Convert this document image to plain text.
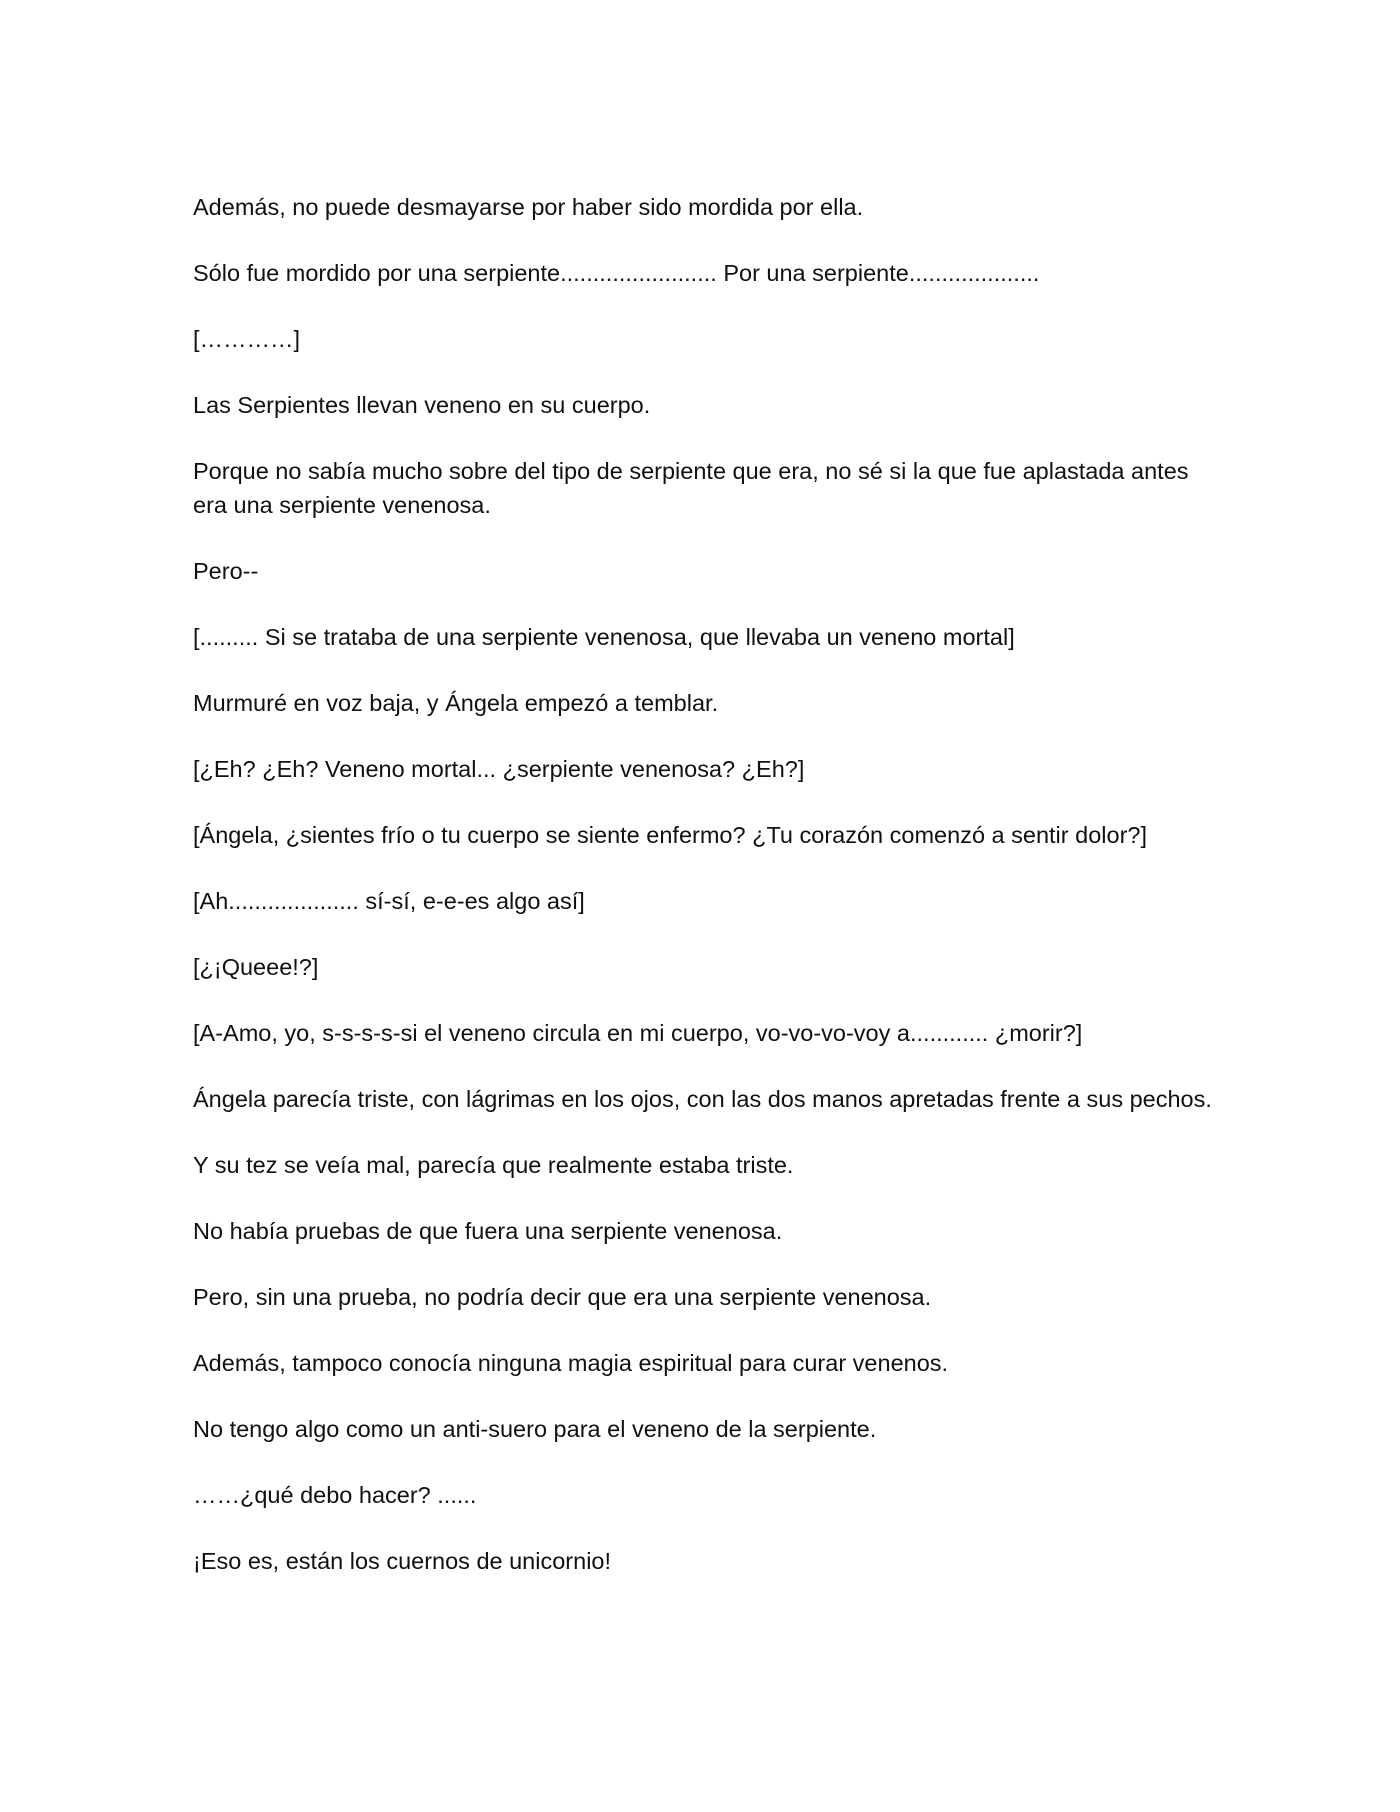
Además, no puede desmayarse por haber sido mordida por ella.

Sólo fue mordido por una serpiente........................ Por una serpiente....................

[…………]

Las Serpientes llevan veneno en su cuerpo.

Porque no sabía mucho sobre del tipo de serpiente que era, no sé si la que fue aplastada antes era una serpiente venenosa.

Pero--

[......... Si se trataba de una serpiente venenosa, que llevaba un veneno mortal]

Murmuré en voz baja, y Ángela empezó a temblar.

[¿Eh? ¿Eh? Veneno mortal... ¿serpiente venenosa? ¿Eh?]

[Ángela, ¿sientes frío o tu cuerpo se siente enfermo? ¿Tu corazón comenzó a sentir dolor?]

[Ah.................... sí-sí, e-e-es algo así]

[¿¡Queee!?]

[A-Amo, yo, s-s-s-s-si el veneno circula en mi cuerpo, vo-vo-vo-voy a............ ¿morir?]

Ángela parecía triste, con lágrimas en los ojos, con las dos manos apretadas frente a sus pechos.

Y su tez se veía mal, parecía que realmente estaba triste.

No había pruebas de que fuera una serpiente venenosa.

Pero, sin una prueba, no podría decir que era una serpiente venenosa.

Además, tampoco conocía ninguna magia espiritual para curar venenos.

No tengo algo como un anti-suero para el veneno de la serpiente.

……¿qué debo hacer? ......

¡Eso es, están los cuernos de unicornio!
